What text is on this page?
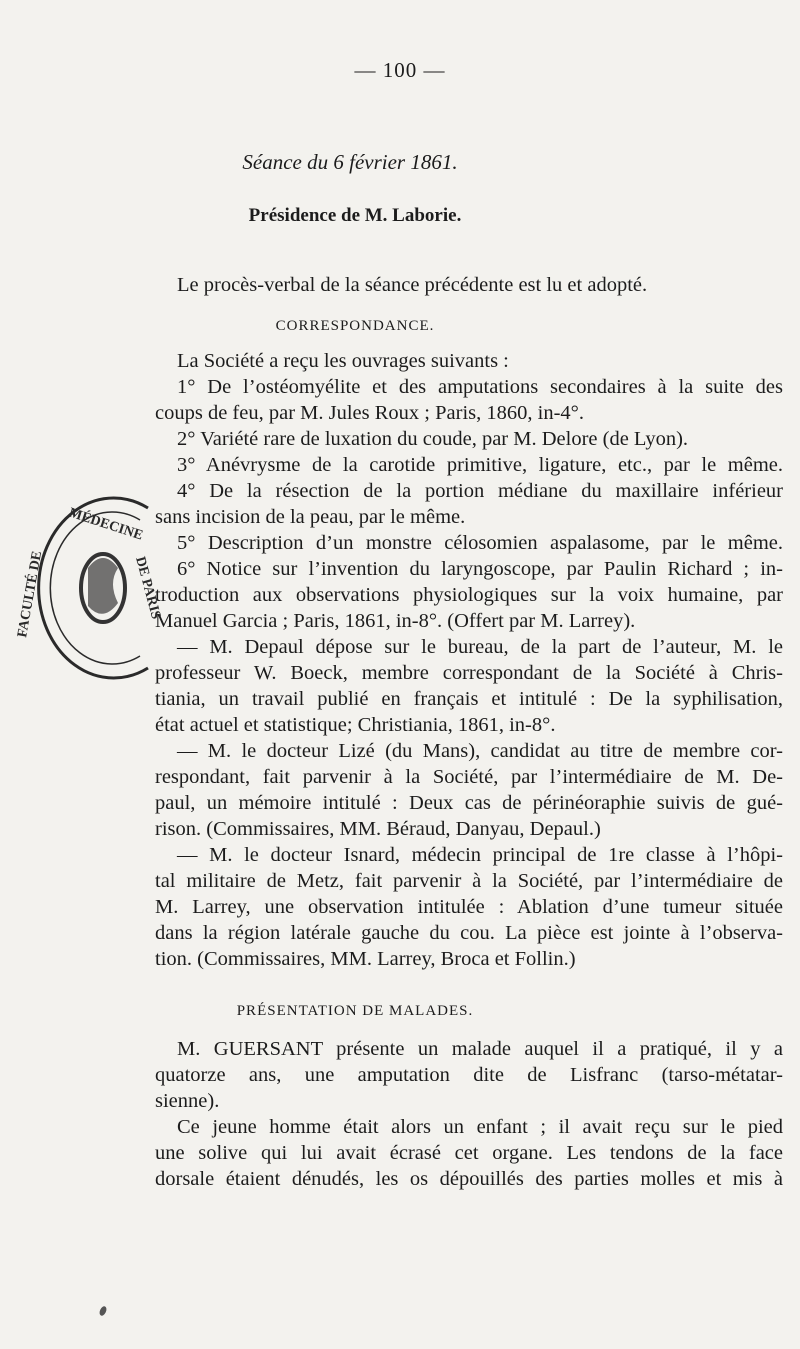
— 100 —
Séance du 6 février 1861.
Présidence de M. Laborie.
Le procès-verbal de la séance précédente est lu et adopté.
CORRESPONDANCE.
La Société a reçu les ouvrages suivants :
1° De l’ostéomyélite et des amputations secondaires à la suite des
coups de feu, par M. Jules Roux ; Paris, 1860, in-4°.
2° Variété rare de luxation du coude, par M. Delore (de Lyon).
3° Anévrysme de la carotide primitive, ligature, etc., par le même.
4° De la résection de la portion médiane du maxillaire inférieur
sans incision de la peau, par le même.
5° Description d’un monstre célosomien aspalasome, par le même.
6° Notice sur l’invention du laryngoscope, par Paulin Richard ; in-
troduction aux observations physiologiques sur la voix humaine, par
Manuel Garcia ; Paris, 1861, in-8°. (Offert par M. Larrey).
— M. Depaul dépose sur le bureau, de la part de l’auteur, M. le
professeur W. Boeck, membre correspondant de la Société à Chris-
tiania, un travail publié en français et intitulé : De la syphilisation,
état actuel et statistique; Christiania, 1861, in-8°.
— M. le docteur Lizé (du Mans), candidat au titre de membre cor-
respondant, fait parvenir à la Société, par l’intermédiaire de M. De-
paul, un mémoire intitulé : Deux cas de périnéoraphie suivis de gué-
rison. (Commissaires, MM. Béraud, Danyau, Depaul.)
— M. le docteur Isnard, médecin principal de 1re classe à l’hôpi-
tal militaire de Metz, fait parvenir à la Société, par l’intermédiaire de
M. Larrey, une observation intitulée : Ablation d’une tumeur située
dans la région latérale gauche du cou. La pièce est jointe à l’observa-
tion. (Commissaires, MM. Larrey, Broca et Follin.)
PRÉSENTATION DE MALADES.
M. GUERSANT présente un malade auquel il a pratiqué, il y a
quatorze ans, une amputation dite de Lisfranc (tarso-métatar-
sienne).
Ce jeune homme était alors un enfant ; il avait reçu sur le pied
une solive qui lui avait écrasé cet organe. Les tendons de la face
dorsale étaient dénudés, les os dépouillés des parties molles et mis à
FACULTÉ DE
MÉDECINE
DE PARIS
